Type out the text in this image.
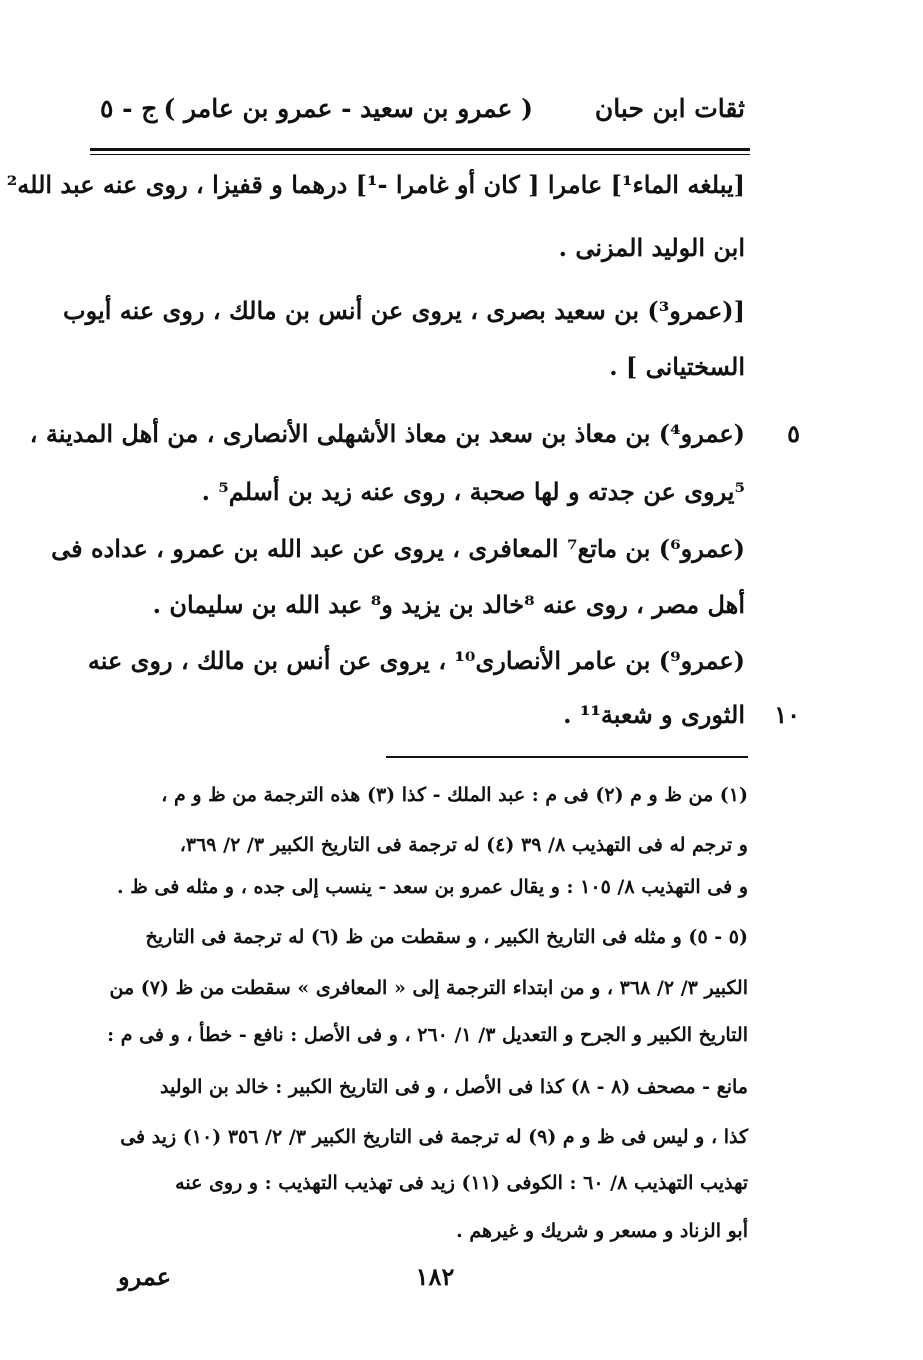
ثقات ابن حبان
( عمرو بن سعيد - عمرو بن عامر )
ج - ٥
[يبلغه الماء¹] عامرا [ كان أو غامرا -¹] درهما و قفيزا ، روى عنه عبد الله²
ابن الوليد المزنى .
[(عمرو³) بن سعيد بصرى ، يروى عن أنس بن مالك ، روى عنه أيوب
السختيانى ] .
(عمرو⁴) بن معاذ بن سعد بن معاذ الأشهلى الأنصارى ، من أهل المدينة ،
⁵يروى عن جدته و لها صحبة ، روى عنه زيد بن أسلم⁵ .
(عمرو⁶) بن ماتع⁷ المعافرى ، يروى عن عبد الله بن عمرو ، عداده فى
أهل مصر ، روى عنه ⁸خالد بن يزيد و⁸ عبد الله بن سليمان .
(عمرو⁹) بن عامر الأنصارى¹⁰ ، يروى عن أنس بن مالك ، روى عنه
الثورى و شعبة¹¹ .
٥
١٠
(١) من ظ و م (٢) فى م : عبد الملك - كذا (٣) هذه الترجمة من ظ و م ،
و ترجم له فى التهذيب ٨/ ٣٩ (٤) له ترجمة فى التاريخ الكبير ٣/ ٢/ ٣٦٩،
و فى التهذيب ٨/ ١٠٥ : و يقال عمرو بن سعد - ينسب إلى جده ، و مثله فى ظ .
(٥ - ٥) و مثله فى التاريخ الكبير ، و سقطت من ظ (٦) له ترجمة فى التاريخ
الكبير ٣/ ٢/ ٣٦٨ ، و من ابتداء الترجمة إلى « المعافرى » سقطت من ظ (٧) من
التاريخ الكبير و الجرح و التعديل ٣/ ١/ ٢٦٠ ، و فى الأصل : نافع - خطأ ، و فى م :
مانع - مصحف (٨ - ٨) كذا فى الأصل ، و فى التاريخ الكبير : خالد بن الوليد
كذا ، و ليس فى ظ و م (٩) له ترجمة فى التاريخ الكبير ٣/ ٢/ ٣٥٦ (١٠) زيد فى
تهذيب التهذيب ٨/ ٦٠ : الكوفى (١١) زيد فى تهذيب التهذيب : و روى عنه
أبو الزناد و مسعر و شريك و غيرهم .
عمرو	١٨٢
